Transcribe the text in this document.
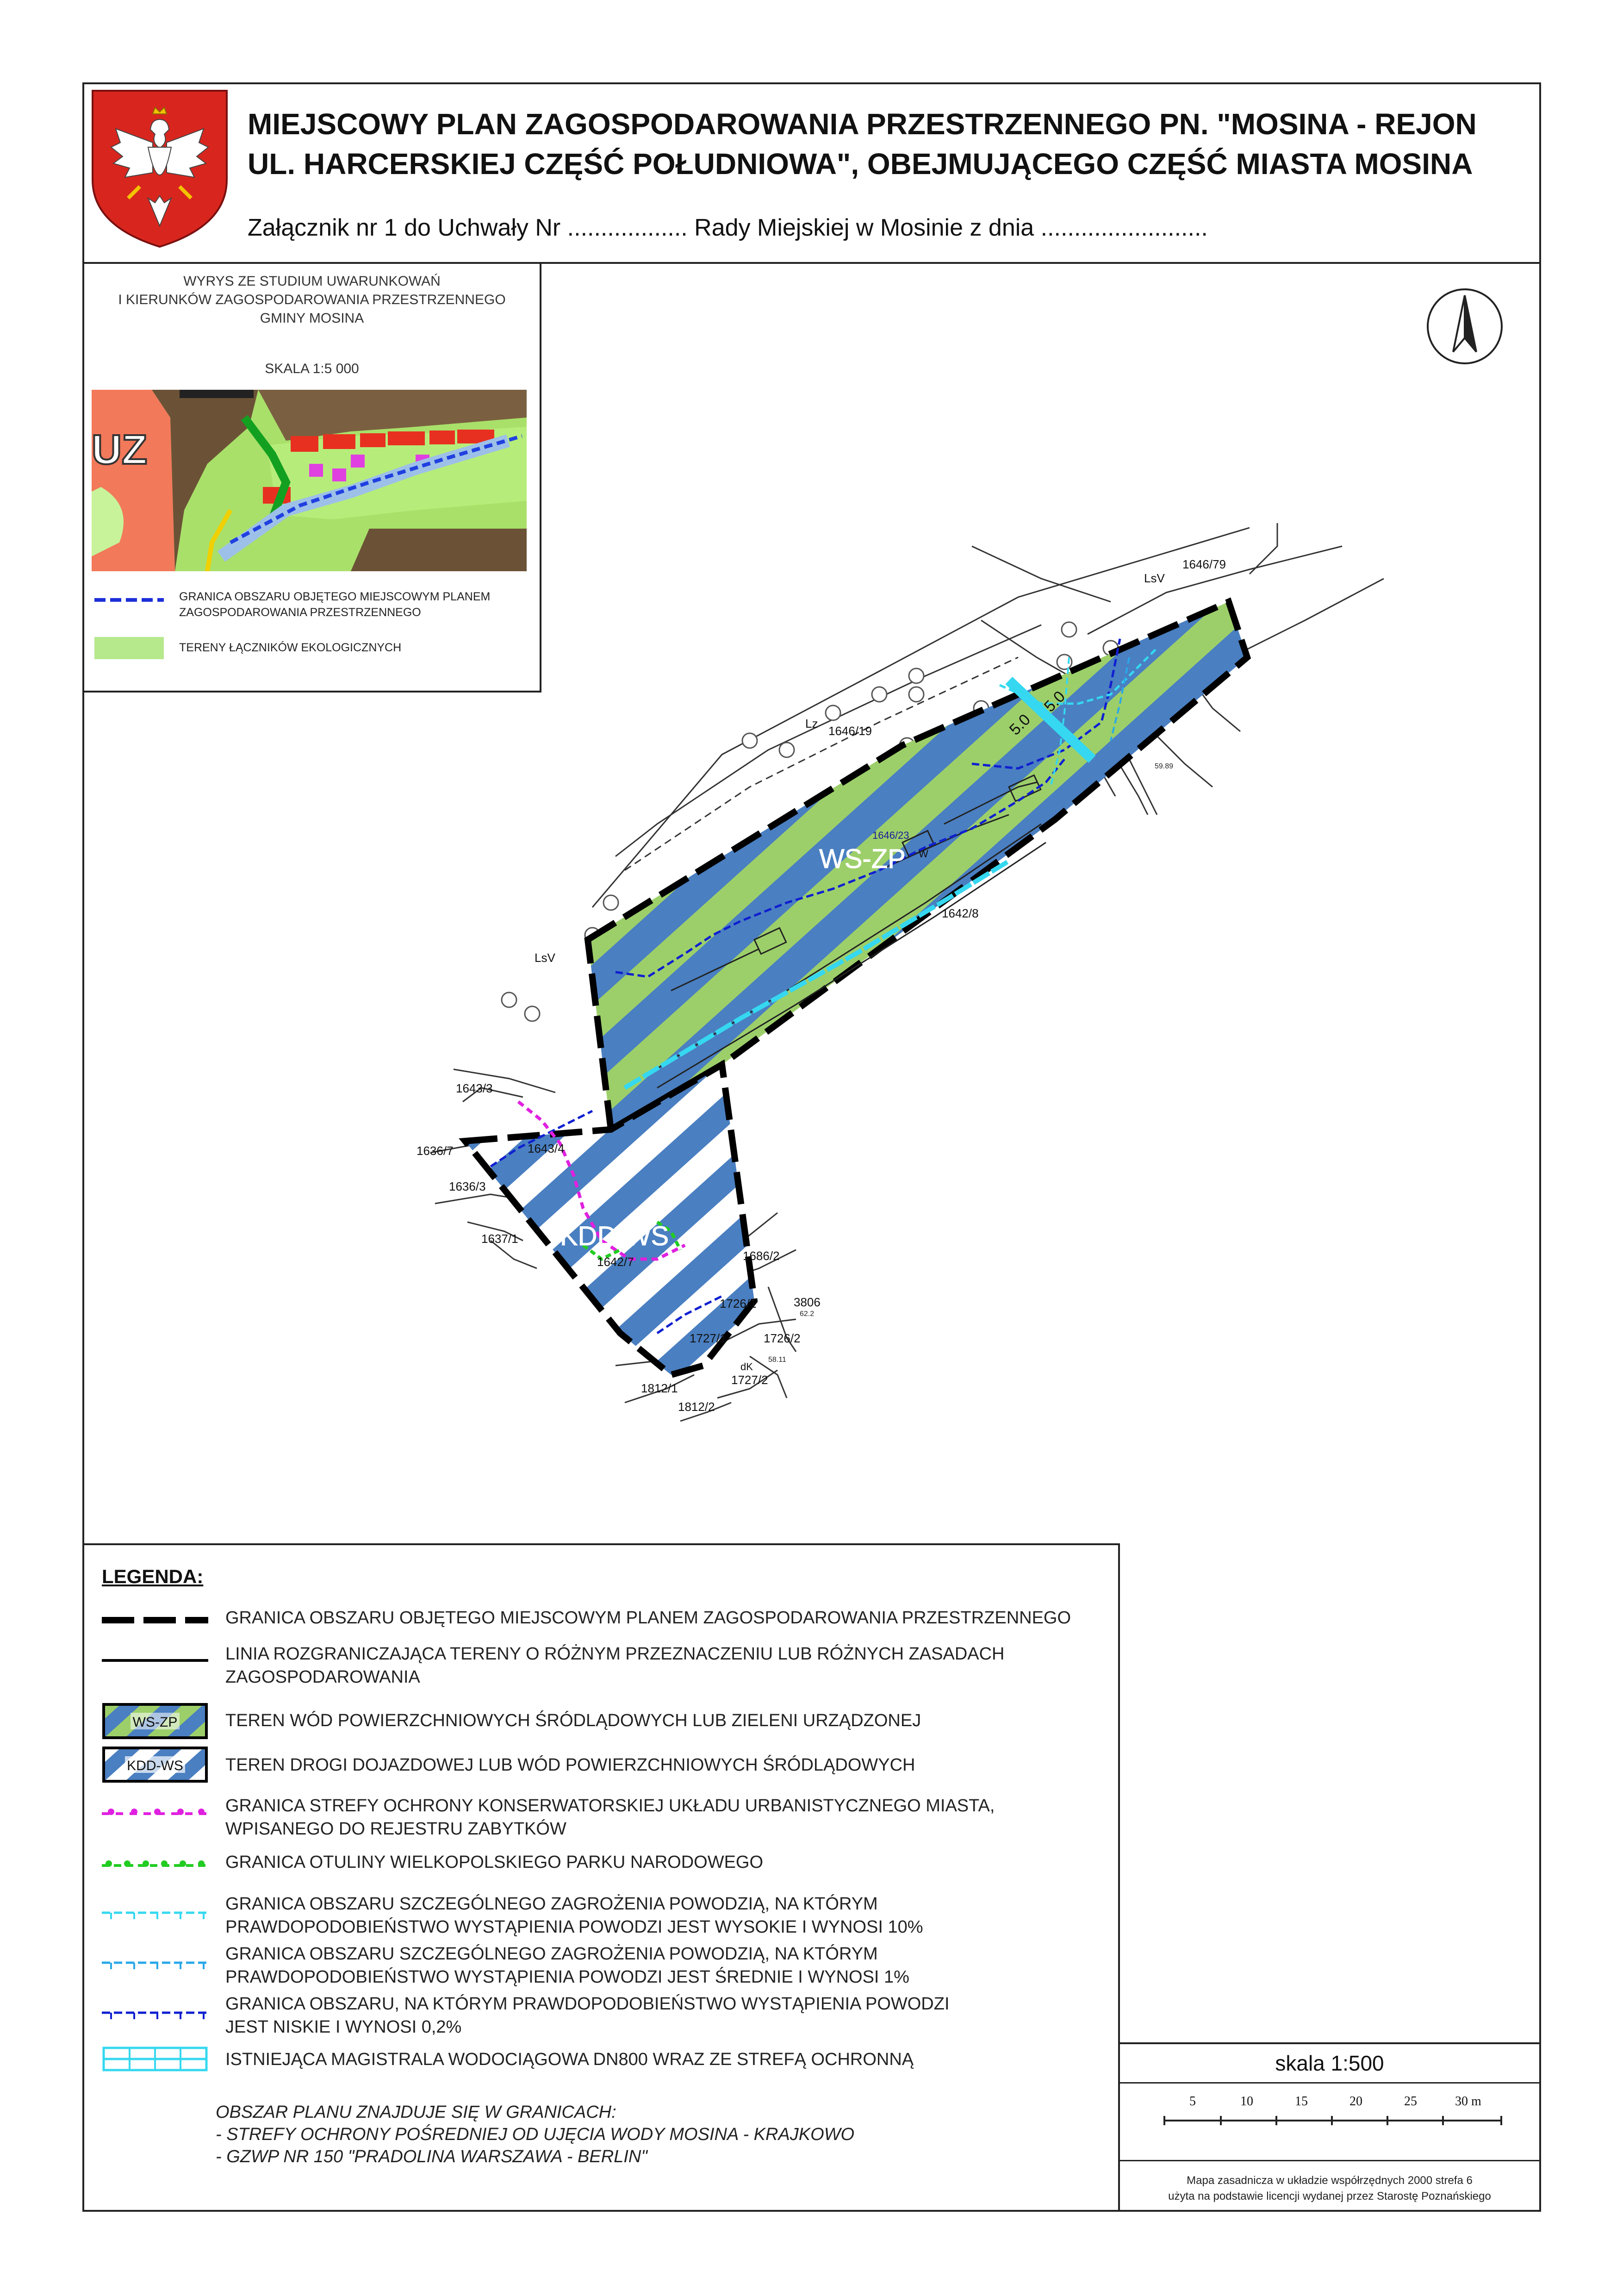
MIEJSCOWY PLAN ZAGOSPODAROWANIA PRZESTRZENNEGO PN. "MOSINA - REJON
UL. HARCERSKIEJ CZĘŚĆ POŁUDNIOWA", OBEJMUJĄCEGO CZĘŚĆ MIASTA MOSINA
Załącznik nr 1 do Uchwały Nr .................. Rady Miejskiej w Mosinie z dnia .........................
WYRYS ZE STUDIUM UWARUNKOWAŃ
I KIERUNKÓW ZAGOSPODAROWANIA PRZESTRZENNEGO
GMINY MOSINA
SKALA 1:5 000
UZ
GRANICA OBSZARU OBJĘTEGO MIEJSCOWYM PLANEM
ZAGOSPODAROWANIA PRZESTRZENNEGO
TERENY ŁĄCZNIKÓW EKOLOGICZNYCH
WS-ZP
KDD-WS
1646/19
1642/8
1646/79
1643/4
1643/3
1636/7
1636/3
1637/1
1642/7	1686/2
1726/1
1726/2
1727/1
1727/2
1812/1
1812/2
3806
1646/23
Lz
LsV
LsV
W
dK
5.0
5.0
59.89
62.2
58.11
LEGENDA:
GRANICA OBSZARU OBJĘTEGO MIEJSCOWYM PLANEM ZAGOSPODAROWANIA PRZESTRZENNEGO
LINIA ROZGRANICZAJĄCA TERENY O RÓŻNYM PRZEZNACZENIU LUB RÓŻNYCH ZASADACH
ZAGOSPODAROWANIA
WS-ZP	TEREN WÓD POWIERZCHNIOWYCH ŚRÓDLĄDOWYCH LUB ZIELENI URZĄDZONEJ
KDD-WS TEREN DROGI DOJAZDOWEJ LUB WÓD POWIERZCHNIOWYCH ŚRÓDLĄDOWYCH
GRANICA STREFY OCHRONY KONSERWATORSKIEJ UKŁADU URBANISTYCZNEGO MIASTA,
WPISANEGO DO REJESTRU ZABYTKÓW
GRANICA OTULINY WIELKOPOLSKIEGO PARKU NARODOWEGO
GRANICA OBSZARU SZCZEGÓLNEGO ZAGROŻENIA POWODZIĄ, NA KTÓRYM
PRAWDOPODOBIEŃSTWO WYSTĄPIENIA POWODZI JEST WYSOKIE I WYNOSI 10%
GRANICA OBSZARU SZCZEGÓLNEGO ZAGROŻENIA POWODZIĄ, NA KTÓRYM
PRAWDOPODOBIEŃSTWO WYSTĄPIENIA POWODZI JEST ŚREDNIE I WYNOSI 1%
GRANICA OBSZARU, NA KTÓRYM PRAWDOPODOBIEŃSTWO WYSTĄPIENIA POWODZI
JEST NISKIE I WYNOSI 0,2%
ISTNIEJĄCA MAGISTRALA WODOCIĄGOWA DN800 WRAZ ZE STREFĄ OCHRONNĄ
OBSZAR PLANU ZNAJDUJE SIĘ W GRANICACH:
- STREFY OCHRONY POŚREDNIEJ OD UJĘCIA WODY MOSINA - KRAJKOWO
- GZWP NR 150 "PRADOLINA WARSZAWA - BERLIN"
skala 1:500
5	10	15	20	25	30 m
Mapa zasadnicza w układzie współrzędnych 2000 strefa 6
użyta na podstawie licencji wydanej przez Starostę Poznańskiego
